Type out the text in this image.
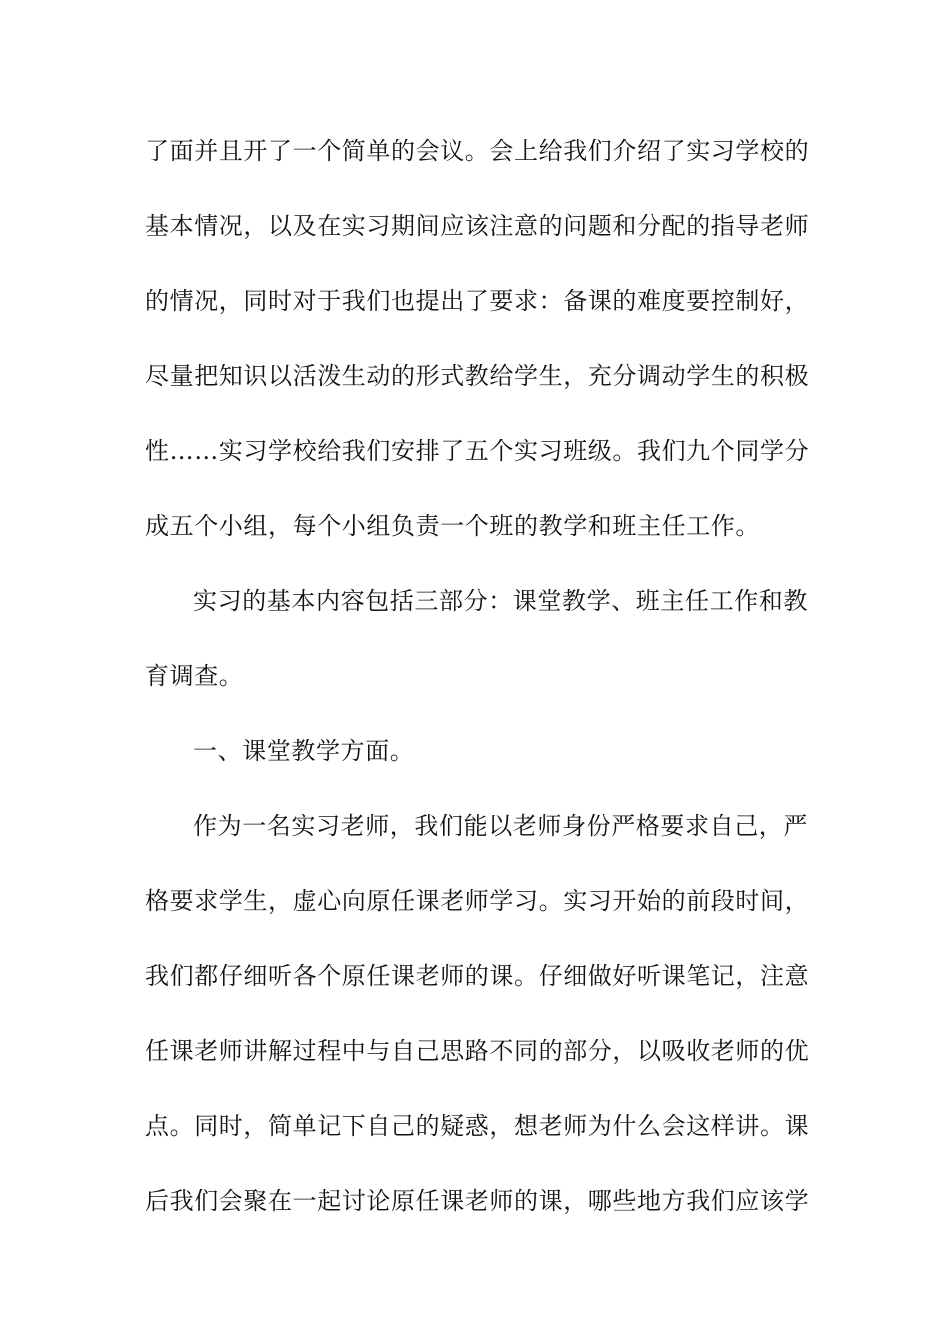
了面并且开了一个简单的会议。会上给我们介绍了实习学校的
基本情况，以及在实习期间应该注意的问题和分配的指导老师
的情况，同时对于我们也提出了要求：备课的难度要控制好，
尽量把知识以活泼生动的形式教给学生，充分调动学生的积极
性……实习学校给我们安排了五个实习班级。我们九个同学分
成五个小组，每个小组负责一个班的教学和班主任工作。
实习的基本内容包括三部分：课堂教学、班主任工作和教
育调查。
一、课堂教学方面。
作为一名实习老师，我们能以老师身份严格要求自己，严
格要求学生，虚心向原任课老师学习。实习开始的前段时间，
我们都仔细听各个原任课老师的课。仔细做好听课笔记，注意
任课老师讲解过程中与自己思路不同的部分，以吸收老师的优
点。同时，简单记下自己的疑惑，想老师为什么会这样讲。课
后我们会聚在一起讨论原任课老师的课，哪些地方我们应该学
